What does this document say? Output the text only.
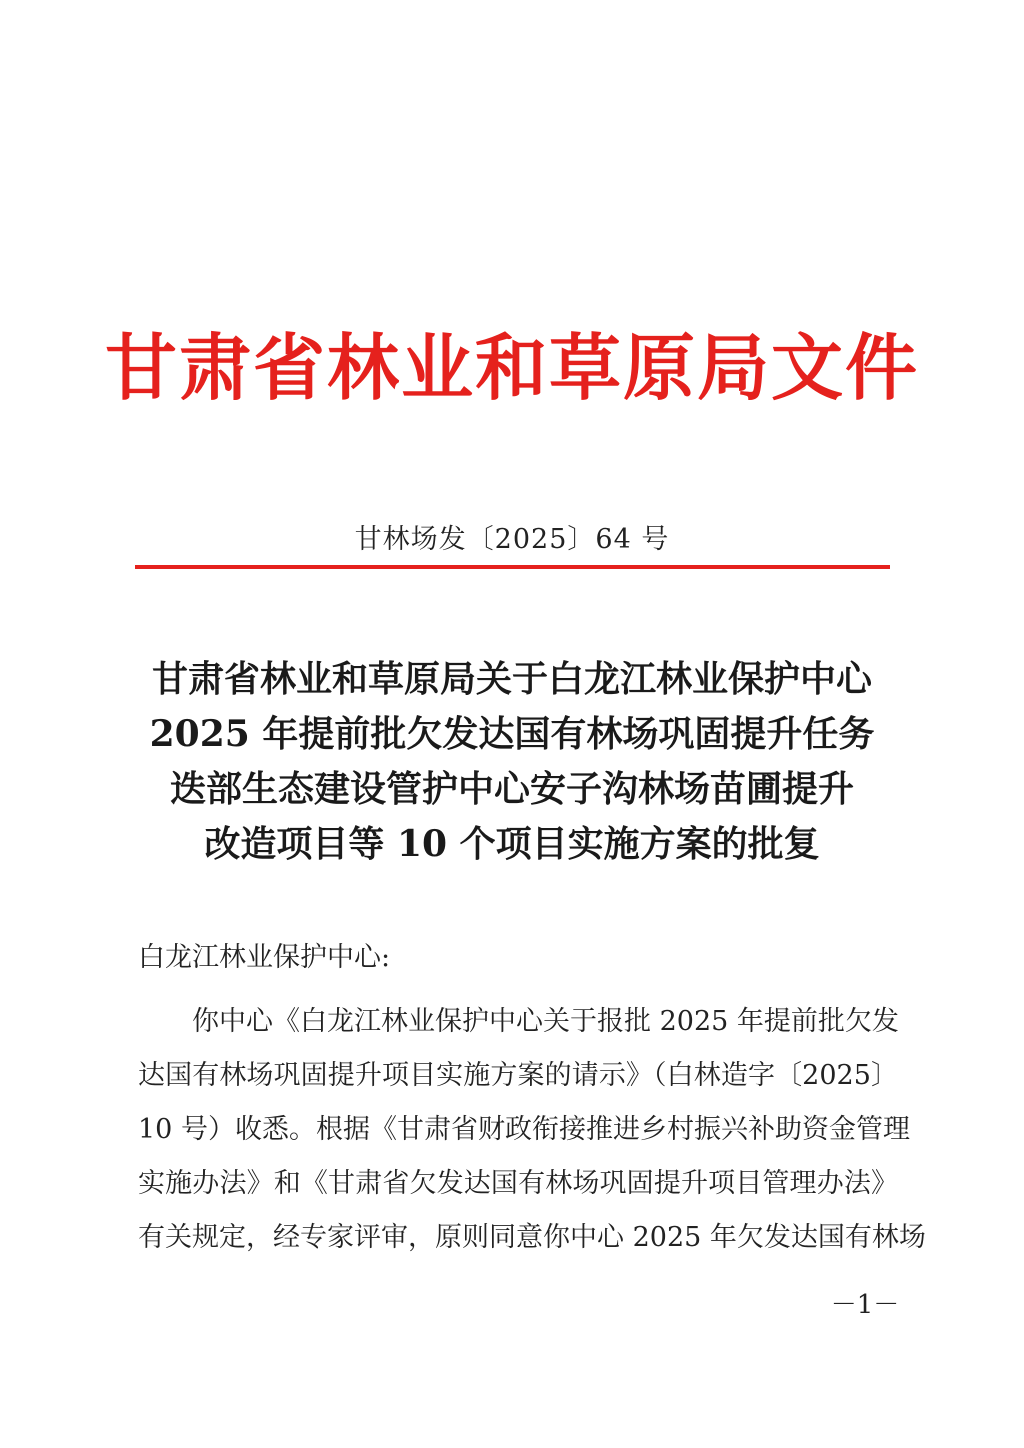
甘肃省林业和草原局文件
甘林场发〔2025〕64 号
甘肃省林业和草原局关于白龙江林业保护中心
2025 年提前批欠发达国有林场巩固提升任务
迭部生态建设管护中心安子沟林场苗圃提升
改造项目等 10 个项目实施方案的批复
白龙江林业保护中心:
你中心《白龙江林业保护中心关于报批 2025 年提前批欠发
达国有林场巩固提升项目实施方案的请示》（白林造字〔2025〕
10 号）收悉。根据《甘肃省财政衔接推进乡村振兴补助资金管理
实施办法》和《甘肃省欠发达国有林场巩固提升项目管理办法》
有关规定，经专家评审，原则同意你中心 2025 年欠发达国有林场
－1－
